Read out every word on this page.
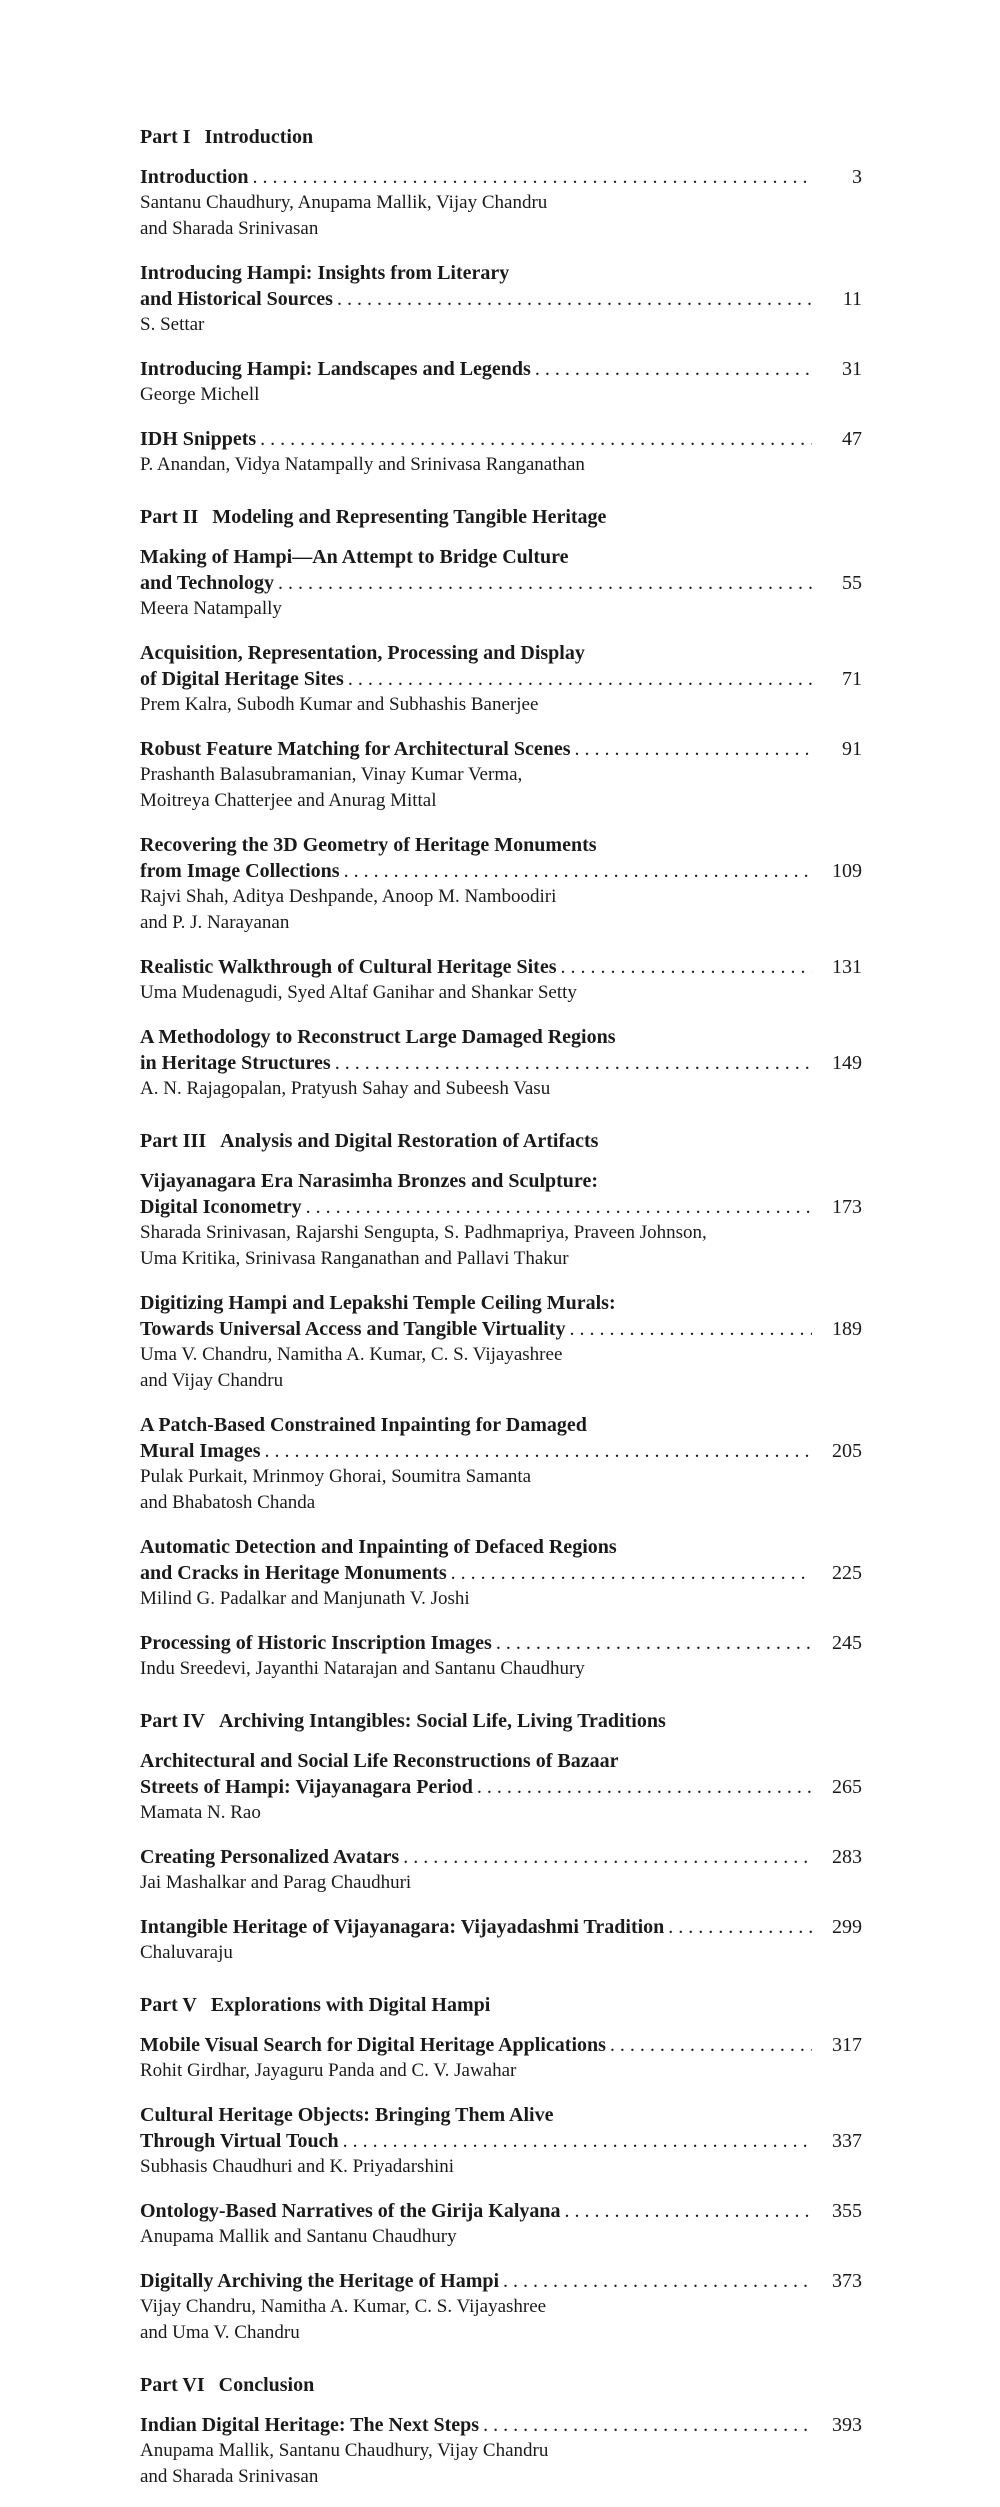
Part I Introduction
Introduction . . .	3
Santanu Chaudhury, Anupama Mallik, Vijay Chandru
and Sharada Srinivasan
Introducing Hampi: Insights from Literary
and Historical Sources . . .	11
S. Settar
Introducing Hampi: Landscapes and Legends . . .	31
George Michell
IDH Snippets . . .	47
P. Anandan, Vidya Natampally and Srinivasa Ranganathan
Part II Modeling and Representing Tangible Heritage
Making of Hampi—An Attempt to Bridge Culture
and Technology . . .	55
Meera Natampally
Acquisition, Representation, Processing and Display
of Digital Heritage Sites . . .	71
Prem Kalra, Subodh Kumar and Subhashis Banerjee
Robust Feature Matching for Architectural Scenes . . .	91
Prashanth Balasubramanian, Vinay Kumar Verma,
Moitreya Chatterjee and Anurag Mittal
Recovering the 3D Geometry of Heritage Monuments
from Image Collections . . .	109
Rajvi Shah, Aditya Deshpande, Anoop M. Namboodiri
and P. J. Narayanan
Realistic Walkthrough of Cultural Heritage Sites . . .	131
Uma Mudenagudi, Syed Altaf Ganihar and Shankar Setty
A Methodology to Reconstruct Large Damaged Regions
in Heritage Structures . . .	149
A. N. Rajagopalan, Pratyush Sahay and Subeesh Vasu
Part III Analysis and Digital Restoration of Artifacts
Vijayanagara Era Narasimha Bronzes and Sculpture:
Digital Iconometry . . .	173
Sharada Srinivasan, Rajarshi Sengupta, S. Padhmapriya, Praveen Johnson,
Uma Kritika, Srinivasa Ranganathan and Pallavi Thakur
Digitizing Hampi and Lepakshi Temple Ceiling Murals:
Towards Universal Access and Tangible Virtuality . . .	189
Uma V. Chandru, Namitha A. Kumar, C. S. Vijayashree
and Vijay Chandru
A Patch-Based Constrained Inpainting for Damaged
Mural Images . . .	205
Pulak Purkait, Mrinmoy Ghorai, Soumitra Samanta
and Bhabatosh Chanda
Automatic Detection and Inpainting of Defaced Regions
and Cracks in Heritage Monuments . . .	225
Milind G. Padalkar and Manjunath V. Joshi
Processing of Historic Inscription Images . . .	245
Indu Sreedevi, Jayanthi Natarajan and Santanu Chaudhury
Part IV Archiving Intangibles: Social Life, Living Traditions
Architectural and Social Life Reconstructions of Bazaar
Streets of Hampi: Vijayanagara Period . . .	265
Mamata N. Rao
Creating Personalized Avatars . . .	283
Jai Mashalkar and Parag Chaudhuri
Intangible Heritage of Vijayanagara: Vijayadashmi Tradition . . .	299
Chaluvaraju
Part V Explorations with Digital Hampi
Mobile Visual Search for Digital Heritage Applications . . .	317
Rohit Girdhar, Jayaguru Panda and C. V. Jawahar
Cultural Heritage Objects: Bringing Them Alive
Through Virtual Touch . . .	337
Subhasis Chaudhuri and K. Priyadarshini
Ontology-Based Narratives of the Girija Kalyana . . .	355
Anupama Mallik and Santanu Chaudhury
Digitally Archiving the Heritage of Hampi . . .	373
Vijay Chandru, Namitha A. Kumar, C. S. Vijayashree
and Uma V. Chandru
Part VI Conclusion
Indian Digital Heritage: The Next Steps . . .	393
Anupama Mallik, Santanu Chaudhury, Vijay Chandru
and Sharada Srinivasan
